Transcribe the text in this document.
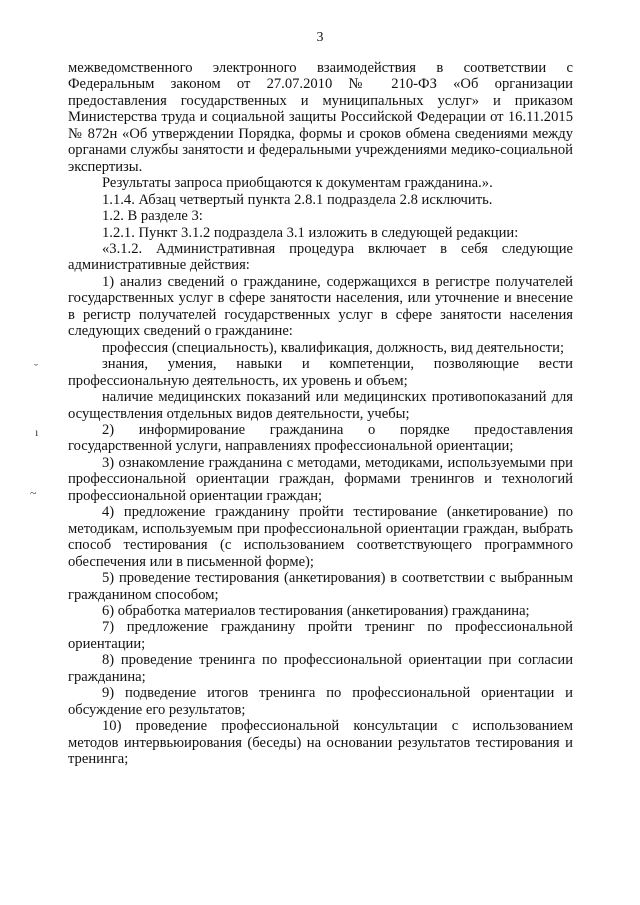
3

межведомственного электронного взаимодействия в соответствии с Федеральным законом от 27.07.2010 № 210-ФЗ «Об организации предоставления государственных и муниципальных услуг» и приказом Министерства труда и социальной защиты Российской Федерации от 16.11.2015 № 872н «Об утверждении Порядка, формы и сроков обмена сведениями между органами службы занятости и федеральными учреждениями медико-социальной экспертизы.

Результаты запроса приобщаются к документам гражданина.».

1.1.4. Абзац четвертый пункта 2.8.1 подраздела 2.8 исключить.

1.2. В разделе 3:

1.2.1. Пункт 3.1.2 подраздела 3.1 изложить в следующей редакции:

«3.1.2. Административная процедура включает в себя следующие административные действия:

1) анализ сведений о гражданине, содержащихся в регистре получателей государственных услуг в сфере занятости населения, или уточнение и внесение в регистр получателей государственных услуг в сфере занятости населения следующих сведений о гражданине:

профессия (специальность), квалификация, должность, вид деятельности;

знания, умения, навыки и компетенции, позволяющие вести профессиональную деятельность, их уровень и объем;

наличие медицинских показаний или медицинских противопоказаний для осуществления отдельных видов деятельности, учебы;

2) информирование гражданина о порядке предоставления государственной услуги, направлениях профессиональной ориентации;

3) ознакомление гражданина с методами, методиками, используемыми при профессиональной ориентации граждан, формами тренингов и технологий профессиональной ориентации граждан;

4) предложение гражданину пройти тестирование (анкетирование) по методикам, используемым при профессиональной ориентации граждан, выбрать способ тестирования (с использованием соответствующего программного обеспечения или в письменной форме);

5) проведение тестирования (анкетирования) в соответствии с выбранным гражданином способом;

6) обработка материалов тестирования (анкетирования) гражданина;

7) предложение гражданину пройти тренинг по профессиональной ориентации;

8) проведение тренинга по профессиональной ориентации при согласии гражданина;

9) подведение итогов тренинга по профессиональной ориентации и обсуждение его результатов;

10) проведение профессиональной консультации с использованием методов интервьюирования (беседы) на основании результатов тестирования и тренинга;

˘
ı
~
